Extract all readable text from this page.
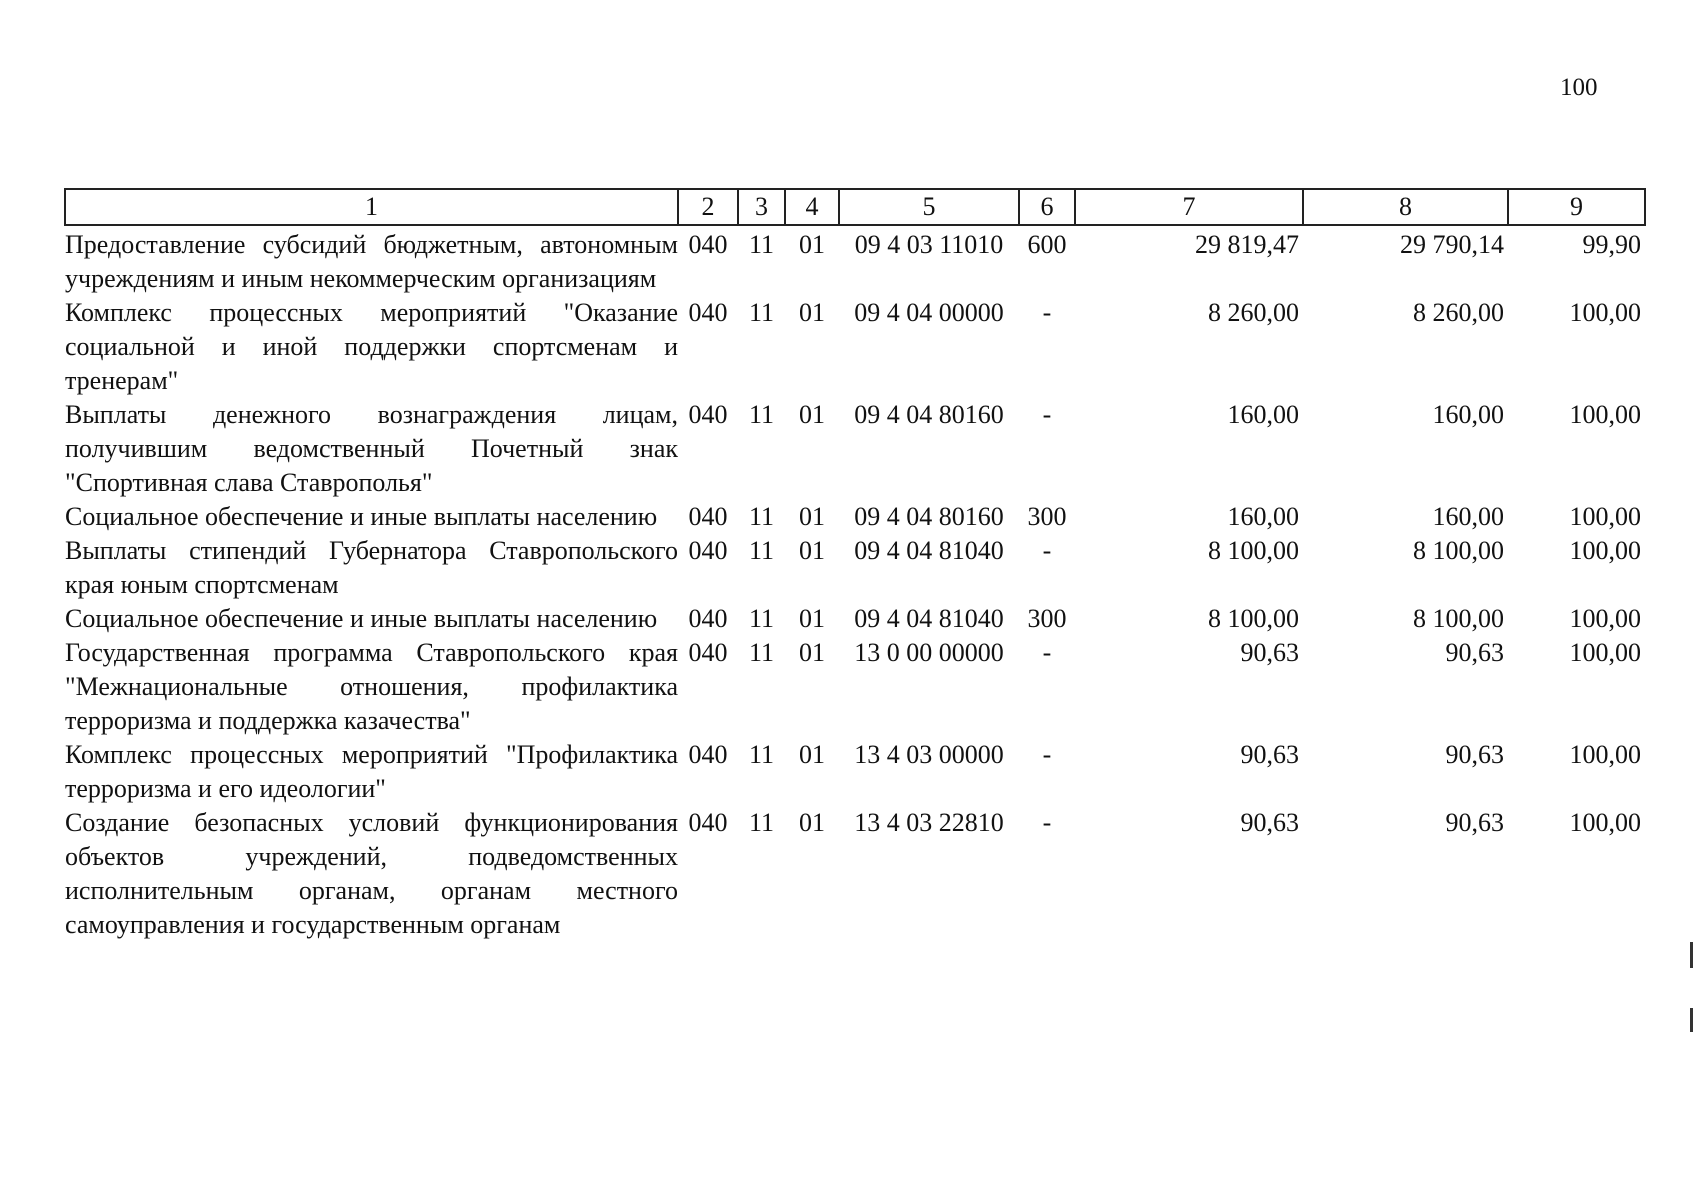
100
1	2	3	4	5	6	7	8	9
Предоставление субсидий бюджетным, автономным учреждениям и иным некоммерческим организациям	040	11	01	09 4 03 11010	600	29 819,47	29 790,14	99,90
Комплекс процессных мероприятий "Оказание социальной и иной поддержки спортсменам и тренерам"	040	11	01	09 4 04 00000	-	8 260,00	8 260,00	100,00
Выплаты денежного вознаграждения лицам, получившим ведомственный Почетный знак "Спортивная слава Ставрополья"	040	11	01	09 4 04 80160	-	160,00	160,00	100,00
Социальное обеспечение и иные выплаты населению	040	11	01	09 4 04 80160	300	160,00	160,00	100,00
Выплаты стипендий Губернатора Ставропольского края юным спортсменам	040	11	01	09 4 04 81040	-	8 100,00	8 100,00	100,00
Социальное обеспечение и иные выплаты населению	040	11	01	09 4 04 81040	300	8 100,00	8 100,00	100,00
Государственная программа Ставропольского края "Межнациональные отношения, профилактика терроризма и поддержка казачества"	040	11	01	13 0 00 00000	-	90,63	90,63	100,00
Комплекс процессных мероприятий "Профилактика терроризма и его идеологии"	040	11	01	13 4 03 00000	-	90,63	90,63	100,00
Создание безопасных условий функционирования объектов учреждений, подведомственных исполнительным органам, органам местного самоуправления и государственным органам	040	11	01	13 4 03 22810	-	90,63	90,63	100,00
